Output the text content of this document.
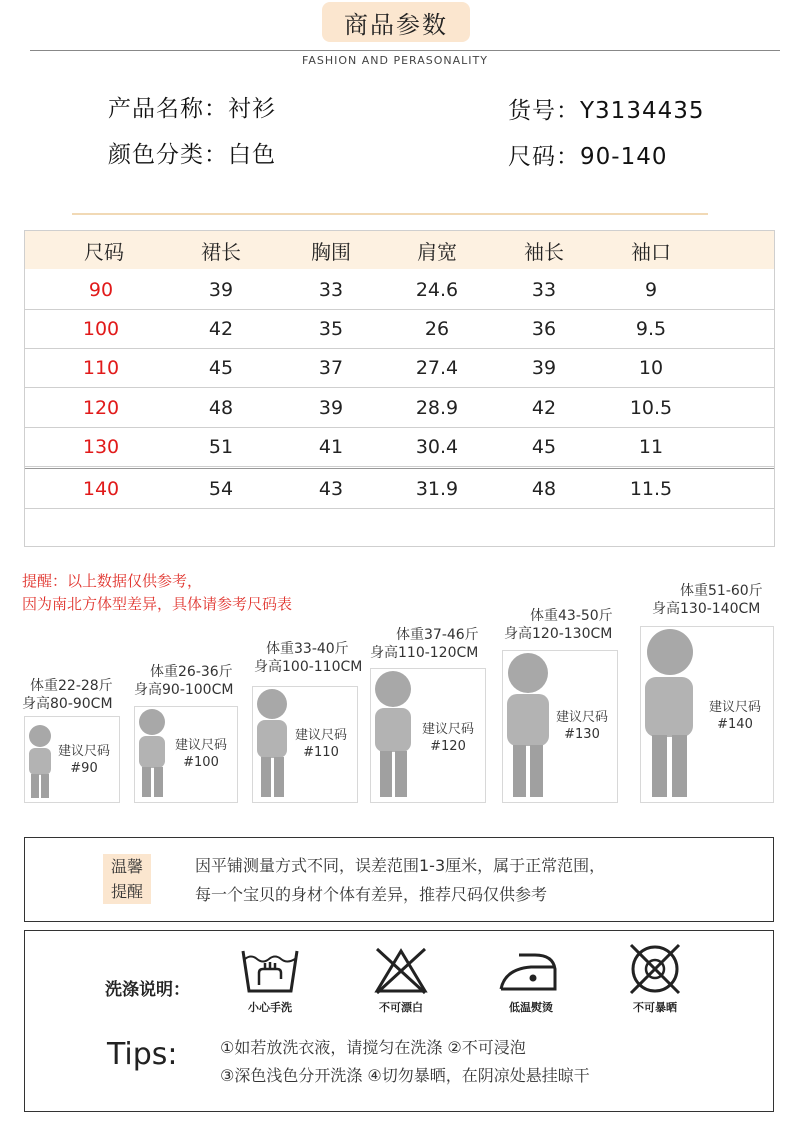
商品参数
FASHION AND PERASONALITY
产品名称：衬衫
颜色分类：白色
货号：Y3134435
尺码：90-140
尺码	裙长	胸围	肩宽	袖长	袖口
90	39	33	24.6	33	9
100	42	35	26	36	9.5
110	45	37	27.4	39	10
120	48	39	28.9	42	10.5
130	51	41	30.4	45	11
140	54	43	31.9	48	11.5
提醒：以上数据仅供参考，
因为南北方体型差异，具体请参考尺码表
体重22-28斤
身高80-90CM
建议尺码
#90
体重26-36斤
身高90-100CM
建议尺码
#100
体重33-40斤
身高100-110CM
建议尺码
#110
体重37-46斤
身高110-120CM
建议尺码
#120
体重43-50斤
身高120-130CM
建议尺码
#130
体重51-60斤
身高130-140CM
建议尺码
#140
温馨
提醒
因平铺测量方式不同，误差范围1-3厘米，属于正常范围，
每一个宝贝的身材个体有差异，推荐尺码仅供参考
洗涤说明：
小心手洗	不可漂白	低温熨烫	不可暴晒
Tips:	①如若放洗衣液，请搅匀在洗涤 ②不可浸泡
③深色浅色分开洗涤 ④切勿暴晒，在阴凉处悬挂晾干
